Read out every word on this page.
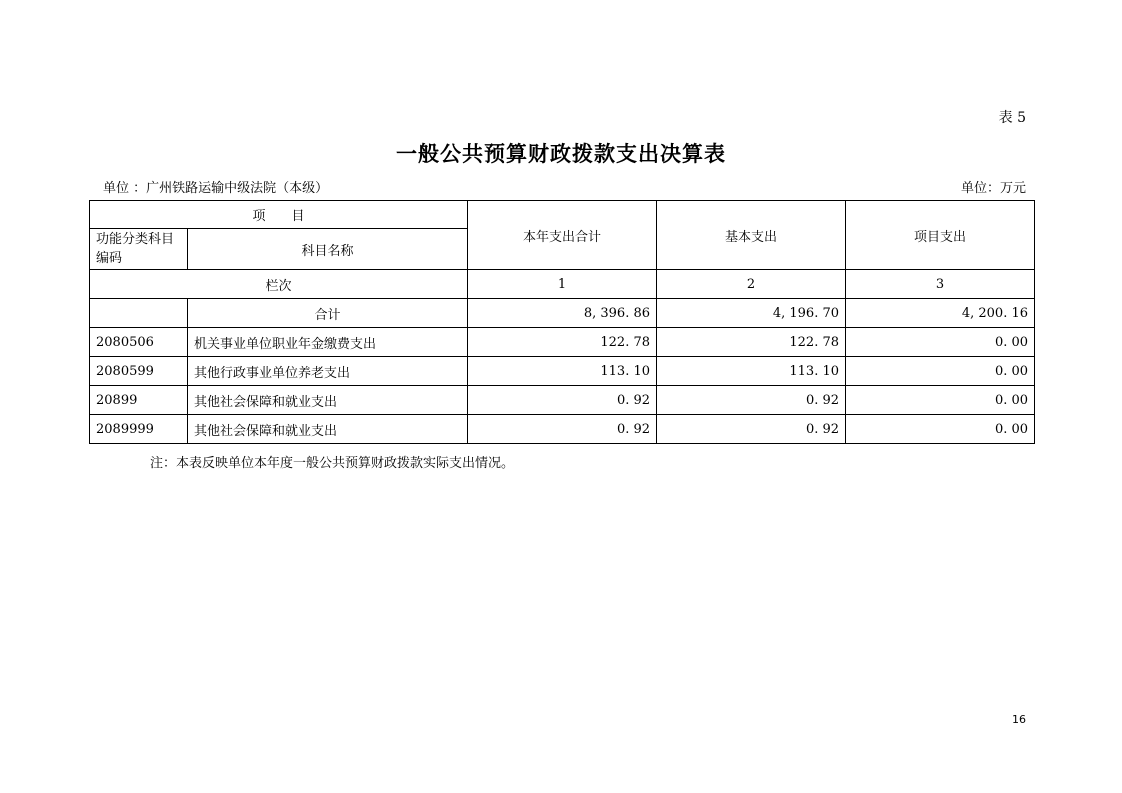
表 5
一般公共预算财政拨款支出决算表
单位 ：广州铁路运输中级法院（本级）	单位：万元
项　　目		本年支出合计	基本支出	项目支出
功能分类科目编码	科目名称			
栏次		1	2	3
	合计	8, 396. 86	4, 196. 70	4, 200. 16
2080506	机关事业单位职业年金缴费支出	122. 78	122. 78	0. 00
2080599	其他行政事业单位养老支出	113. 10	113. 10	0. 00
20899	其他社会保障和就业支出	0. 92	0. 92	0. 00
2089999	其他社会保障和就业支出	0. 92	0. 92	0. 00
注：本表反映单位本年度一般公共预算财政拨款实际支出情况。
16
